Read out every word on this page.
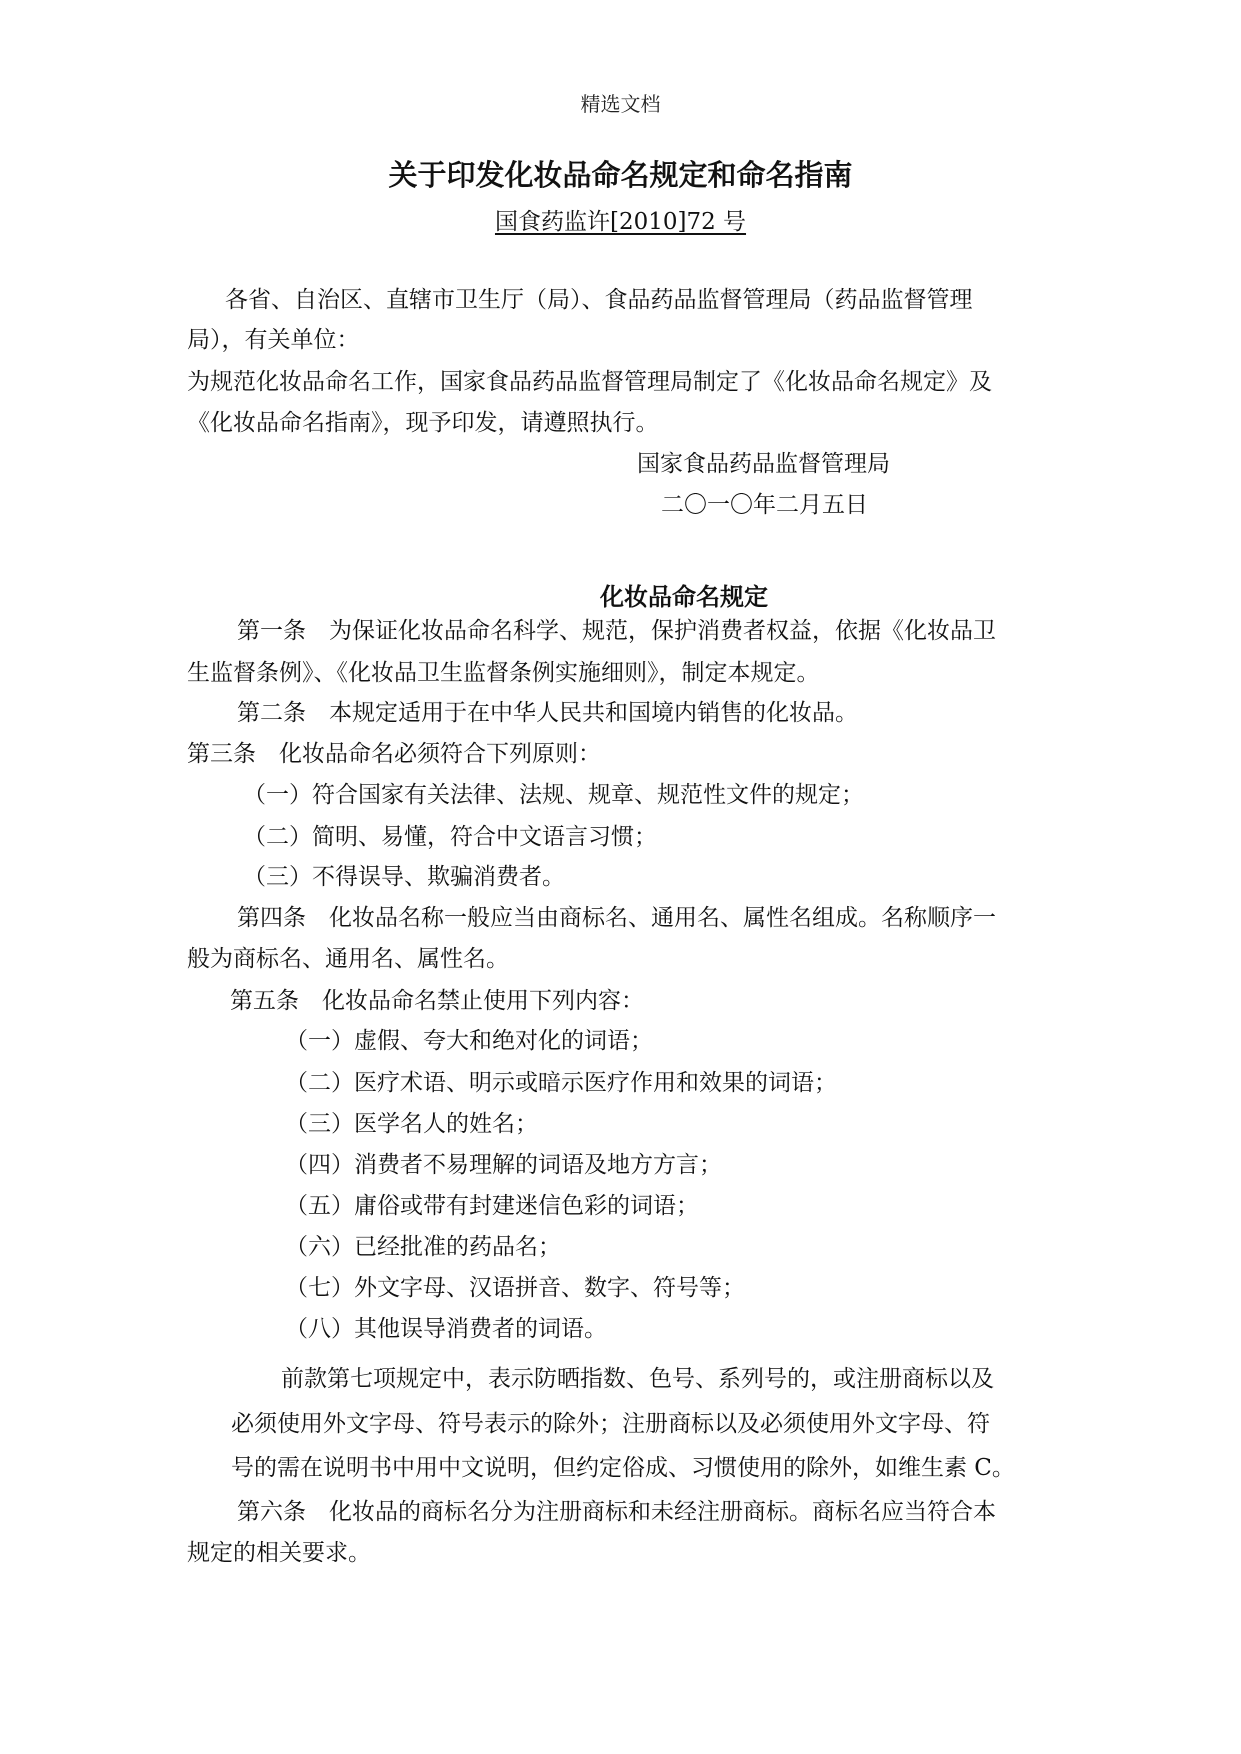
精选文档
关于印发化妆品命名规定和命名指南
国食药监许[2010]72 号
各省、自治区、直辖市卫生厅（局）、食品药品监督管理局（药品监督管理
局），有关单位：
为规范化妆品命名工作，国家食品药品监督管理局制定了《化妆品命名规定》及
《化妆品命名指南》，现予印发，请遵照执行。
国家食品药品监督管理局
二〇一〇年二月五日
化妆品命名规定
第一条　为保证化妆品命名科学、规范，保护消费者权益，依据《化妆品卫
生监督条例》、《化妆品卫生监督条例实施细则》，制定本规定。
第二条　本规定适用于在中华人民共和国境内销售的化妆品。
第三条　化妆品命名必须符合下列原则：
（一）符合国家有关法律、法规、规章、规范性文件的规定；
（二）简明、易懂，符合中文语言习惯；
（三）不得误导、欺骗消费者。
第四条　化妆品名称一般应当由商标名、通用名、属性名组成。名称顺序一
般为商标名、通用名、属性名。
第五条　化妆品命名禁止使用下列内容：
（一）虚假、夸大和绝对化的词语；
（二）医疗术语、明示或暗示医疗作用和效果的词语；
（三）医学名人的姓名；
（四）消费者不易理解的词语及地方方言；
（五）庸俗或带有封建迷信色彩的词语；
（六）已经批准的药品名；
（七）外文字母、汉语拼音、数字、符号等；
（八）其他误导消费者的词语。
前款第七项规定中，表示防晒指数、色号、系列号的，或注册商标以及
必须使用外文字母、符号表示的除外；注册商标以及必须使用外文字母、符
号的需在说明书中用中文说明，但约定俗成、习惯使用的除外，如维生素 C。
第六条　化妆品的商标名分为注册商标和未经注册商标。商标名应当符合本
规定的相关要求。
